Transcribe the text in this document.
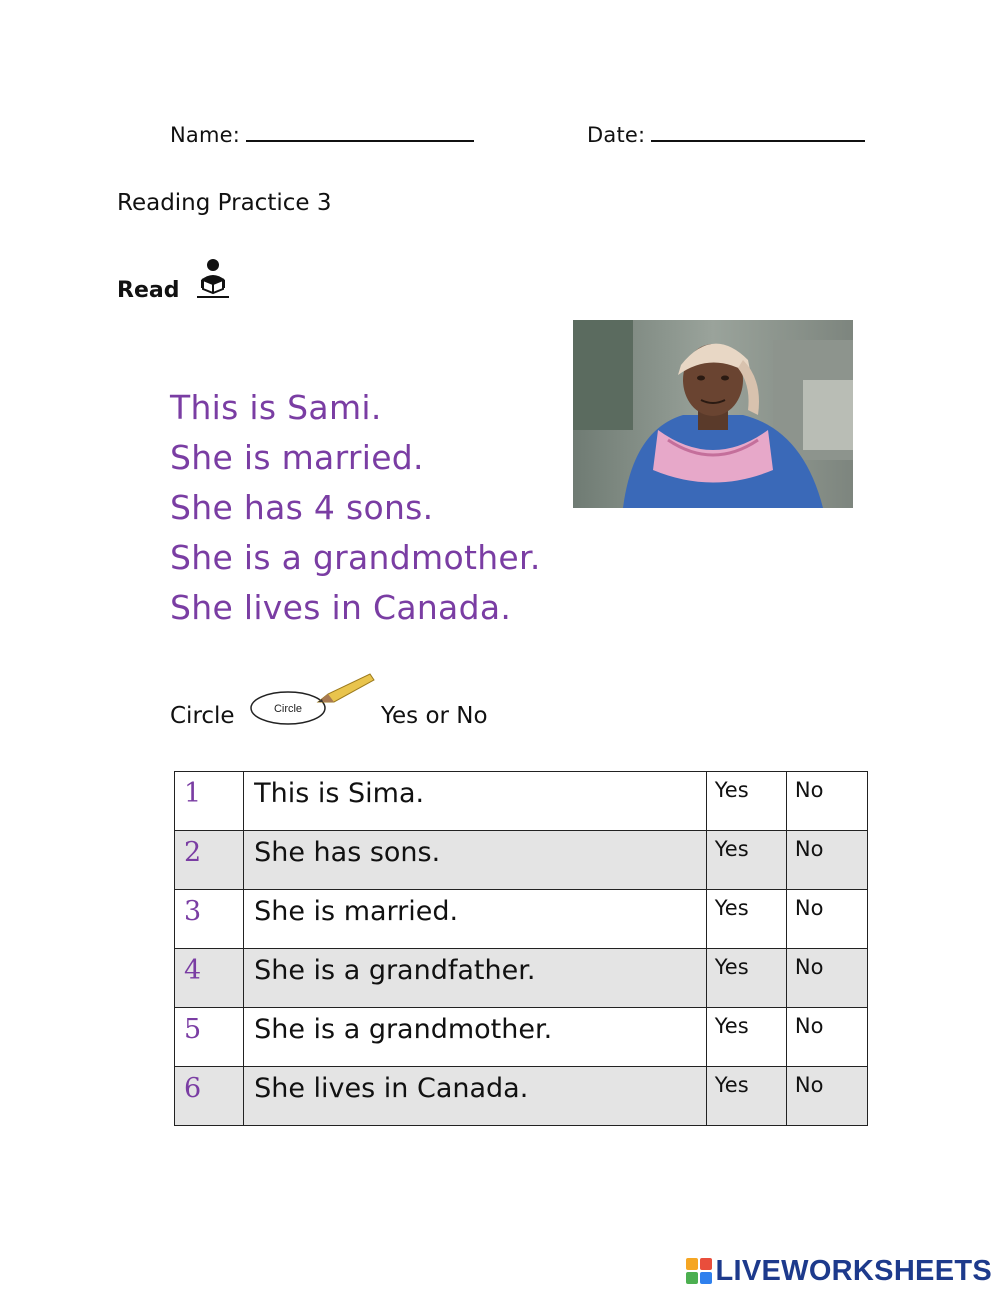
Name:	Date:
Reading Practice 3
Read
This is Sami.
She is married.
She has 4 sons.
She is a grandmother.
She lives in Canada.
Circle	Circle	Yes or No
1	This is Sima.	Yes	No
2	She has sons.	Yes	No
3	She is married.	Yes	No
4	She is a grandfather.	Yes	No
5	She is a grandmother.	Yes	No
6	She lives in Canada.	Yes	No
LIVEWORKSHEETS
